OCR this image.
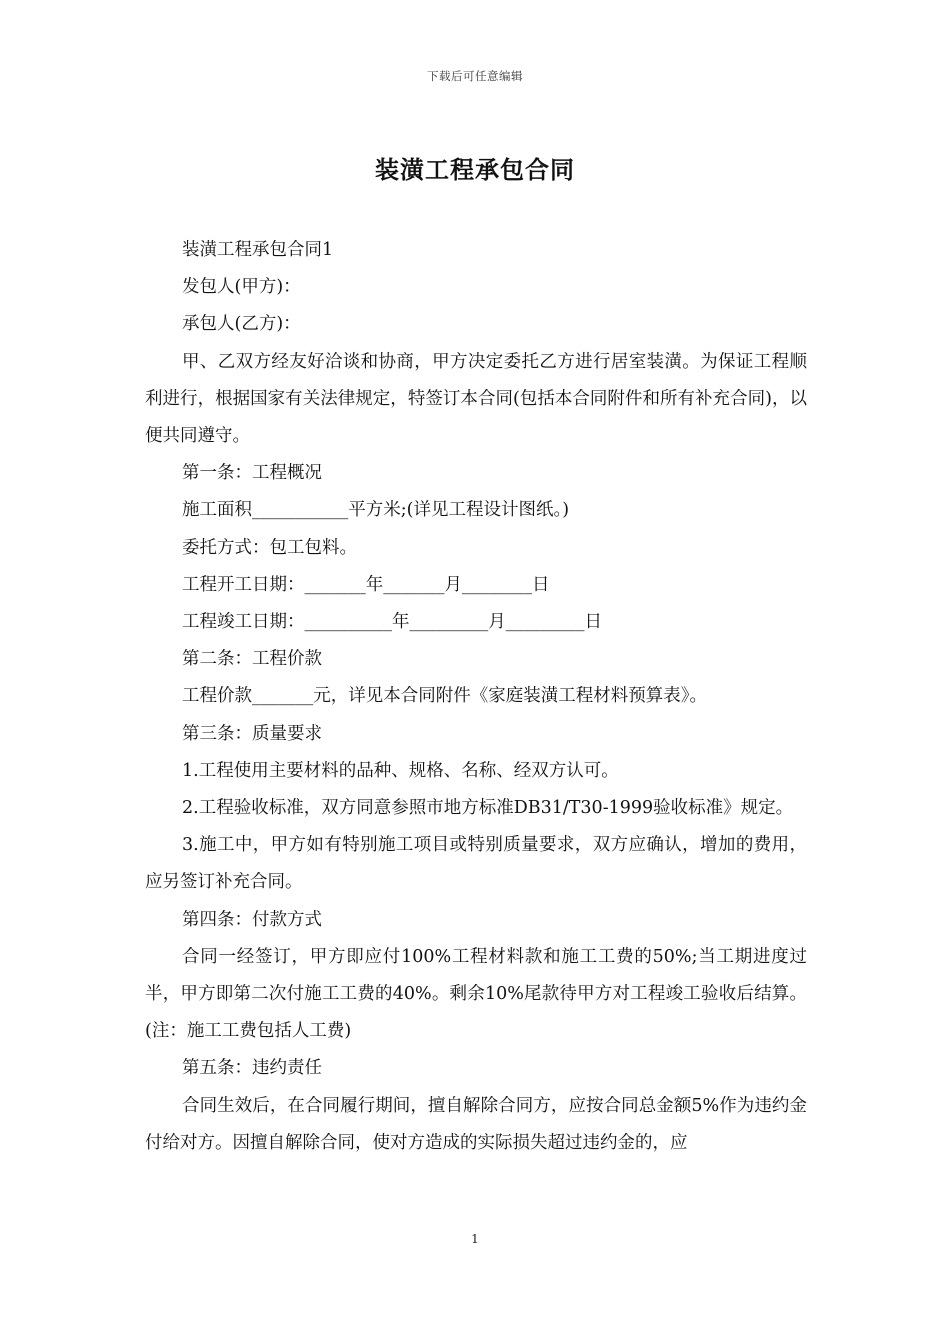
下载后可任意编辑
装潢工程承包合同

装潢工程承包合同1

发包人(甲方)：

承包人(乙方)：

甲、乙双方经友好洽谈和协商，甲方决定委托乙方进行居室装潢。为保证工程顺利进行，根据国家有关法律规定，特签订本合同(包括本合同附件和所有补充合同)，以便共同遵守。

第一条：工程概况

施工面积___________平方米;(详见工程设计图纸。)

委托方式：包工包料。

工程开工日期：_______年_______月________日

工程竣工日期：__________年_________月_________日

第二条：工程价款

工程价款_______元，详见本合同附件《家庭装潢工程材料预算表》。

第三条：质量要求

1.工程使用主要材料的品种、规格、名称、经双方认可。

2.工程验收标准，双方同意参照市地方标准DB31/T30-1999验收标准》规定。

3.施工中，甲方如有特别施工项目或特别质量要求，双方应确认，增加的费用，应另签订补充合同。

第四条：付款方式

合同一经签订，甲方即应付100%工程材料款和施工工费的50%;当工期进度过半，甲方即第二次付施工工费的40%。剩余10%尾款待甲方对工程竣工验收后结算。(注：施工工费包括人工费)

第五条：违约责任

合同生效后，在合同履行期间，擅自解除合同方，应按合同总金额5%作为违约金付给对方。因擅自解除合同，使对方造成的实际损失超过违约金的，应

1
